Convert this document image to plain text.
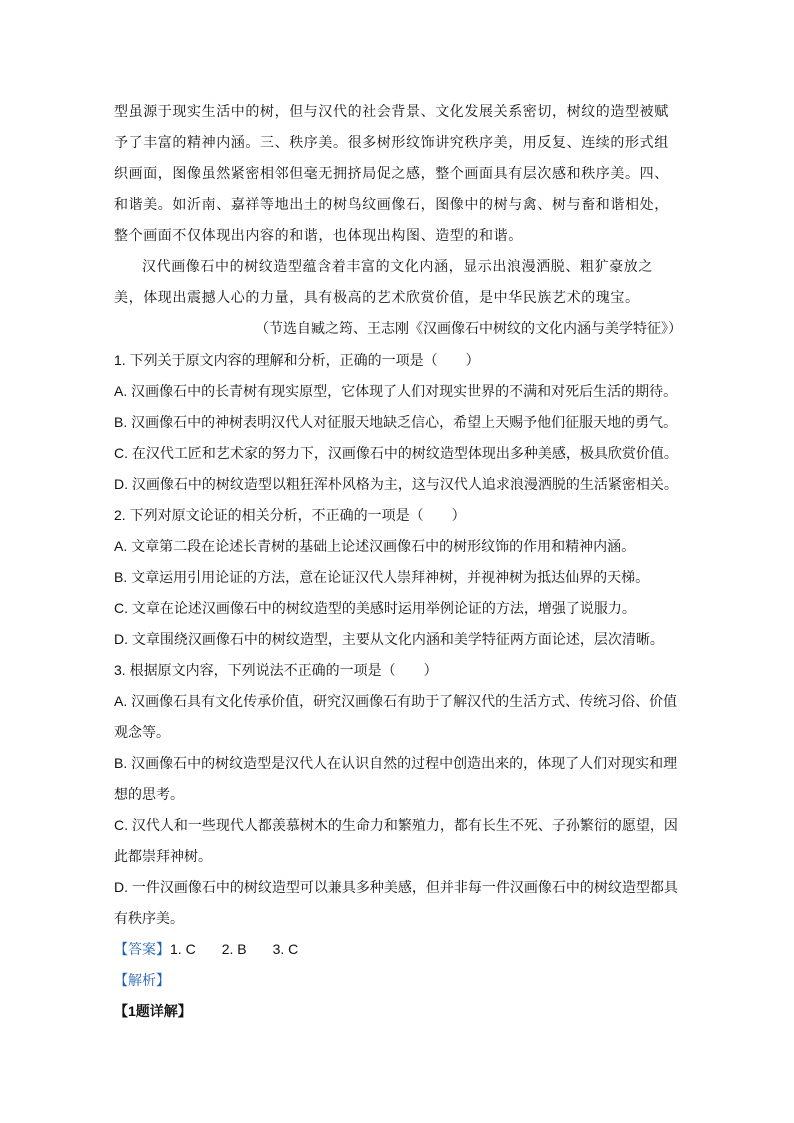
型虽源于现实生活中的树，但与汉代的社会背景、文化发展关系密切，树纹的造型被赋予了丰富的精神内涵。三、秩序美。很多树形纹饰讲究秩序美，用反复、连续的形式组织画面，图像虽然紧密相邻但毫无拥挤局促之感，整个画面具有层次感和秩序美。四、和谐美。如沂南、嘉祥等地出土的树鸟纹画像石，图像中的树与禽、树与畜和谐相处，整个画面不仅体现出内容的和谐，也体现出构图、造型的和谐。

汉代画像石中的树纹造型蕴含着丰富的文化内涵，显示出浪漫洒脱、粗犷豪放之美，体现出震撼人心的力量，具有极高的艺术欣赏价值，是中华民族艺术的瑰宝。

（节选自臧之筠、王志刚《汉画像石中树纹的文化内涵与美学特征》）

1. 下列关于原文内容的理解和分析，正确的一项是（　　）

A. 汉画像石中的长青树有现实原型，它体现了人们对现实世界的不满和对死后生活的期待。

B. 汉画像石中的神树表明汉代人对征服天地缺乏信心，希望上天赐予他们征服天地的勇气。

C. 在汉代工匠和艺术家的努力下，汉画像石中的树纹造型体现出多种美感，极具欣赏价值。

D. 汉画像石中的树纹造型以粗狂浑朴风格为主，这与汉代人追求浪漫洒脱的生活紧密相关。

2. 下列对原文论证的相关分析，不正确的一项是（　　）

A. 文章第二段在论述长青树的基础上论述汉画像石中的树形纹饰的作用和精神内涵。

B. 文章运用引用论证的方法，意在论证汉代人崇拜神树，并视神树为抵达仙界的天梯。

C. 文章在论述汉画像石中的树纹造型的美感时运用举例论证的方法，增强了说服力。

D. 文章围绕汉画像石中的树纹造型，主要从文化内涵和美学特征两方面论述，层次清晰。

3. 根据原文内容，下列说法不正确的一项是（　　）

A. 汉画像石具有文化传承价值，研究汉画像石有助于了解汉代的生活方式、传统习俗、价值观念等。

B. 汉画像石中的树纹造型是汉代人在认识自然的过程中创造出来的，体现了人们对现实和理想的思考。

C. 汉代人和一些现代人都羡慕树木的生命力和繁殖力，都有长生不死、子孙繁衍的愿望，因此都崇拜神树。

D. 一件汉画像石中的树纹造型可以兼具多种美感，但并非每一件汉画像石中的树纹造型都具有秩序美。

【答案】1. C 2. B 3. C

【解析】

【1题详解】
